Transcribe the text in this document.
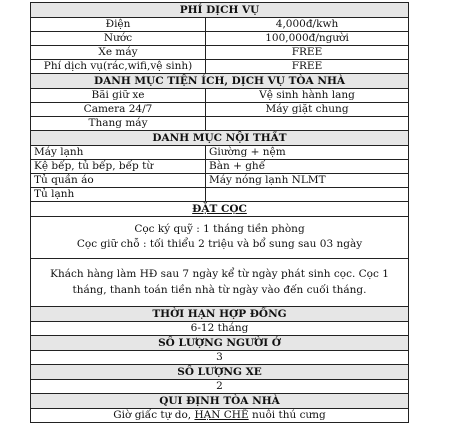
PHÍ DỊCH VỤ	
Điện	4,000đ/kwh
Nước	100,000đ/người
Xe máy	FREE
Phí dịch vụ(rác,wifi,vệ sinh)	FREE
DANH MỤC TIỆN ÍCH, DỊCH VỤ TÒA NHÀ	
Bãi giữ xe	Vệ sinh hành lang
Camera 24/7	Máy giặt chung
Thang máy	
DANH MỤC NỘI THẤT	
Máy lạnh	Giường + nệm
Kệ bếp, tủ bếp, bếp từ	Bàn + ghế
Tủ quần áo	Máy nóng lạnh NLMT
Tủ lạnh	
ĐẶT CỌC	

Cọc ký quỹ : 1 tháng tiền phòng

Cọc giữ chỗ : tối thiểu 2 triệu và bổ sung sau 03 ngày	

Khách hàng làm HĐ sau 7 ngày kể từ ngày phát sinh cọc. Cọc 1 tháng, thanh toán tiền nhà từ ngày vào đến cuối tháng.	
THỜI HẠN HỢP ĐỒNG	
6-12 tháng	
SỐ LƯỢNG NGƯỜI Ở	
3	
SỐ LƯỢNG XE	
2	
QUI ĐỊNH TÒA NHÀ	
Giờ giấc tự do, HẠN CHẾ nuôi thú cưng	
